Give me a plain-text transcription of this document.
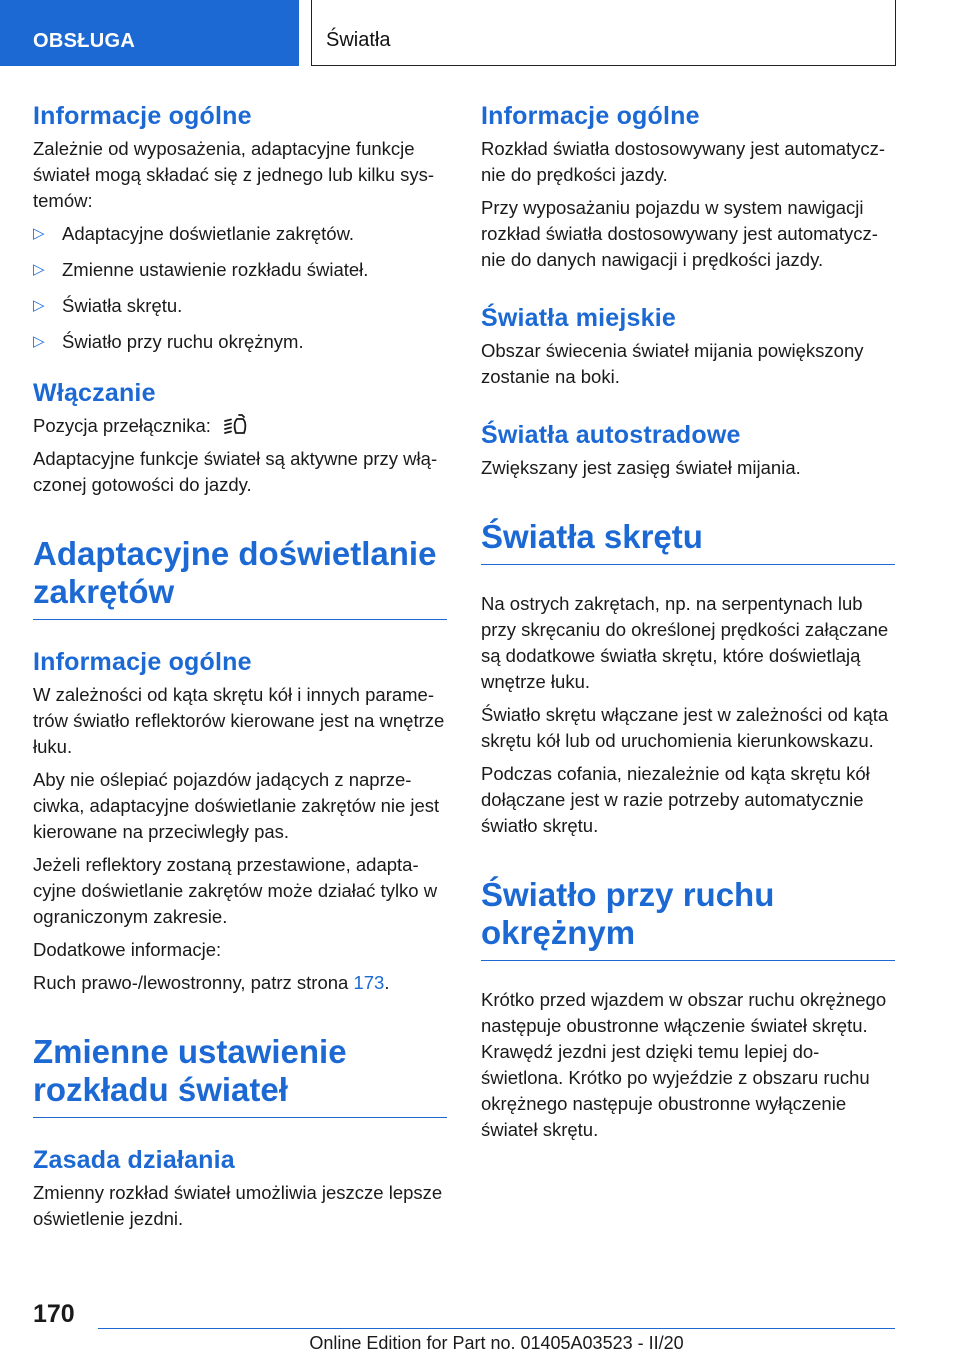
OBSŁUGA	Światła
Informacje ogólne

Zależnie od wyposażenia, adaptacyjne funkcje świateł mogą składać się z jednego lub kilku systemów:

▷ Adaptacyjne doświetlanie zakrętów.
▷ Zmienne ustawienie rozkładu świateł.
▷ Światła skrętu.
▷ Światło przy ruchu okrężnym.
Włączanie

Pozycja przełącznika:

Adaptacyjne funkcje świateł są aktywne przy włączonej gotowości do jazdy.

Adaptacyjne doświetlanie zakrętów
Informacje ogólne

W zależności od kąta skrętu kół i innych parametrów światło reflektorów kierowane jest na wnętrze łuku.

Aby nie oślepiać pojazdów jadących z naprzeciwka, adaptacyjne doświetlanie zakrętów nie jest kierowane na przeciwległy pas.

Jeżeli reflektory zostaną przestawione, adaptacyjne doświetlanie zakrętów może działać tylko w ograniczonym zakresie.

Dodatkowe informacje:

Ruch prawo-/lewostronny, patrz strona 173.

Zmienne ustawienie rozkładu świateł
Zasada działania

Zmienny rozkład świateł umożliwia jeszcze lepsze oświetlenie jezdni.

Informacje ogólne

Rozkład światła dostosowywany jest automatycznie do prędkości jazdy.

Przy wyposażaniu pojazdu w system nawigacji rozkład światła dostosowywany jest automatycznie do danych nawigacji i prędkości jazdy.

Światła miejskie

Obszar świecenia świateł mijania powiększony zostanie na boki.

Światła autostradowe

Zwiększany jest zasięg świateł mijania.

Światła skrętu

Na ostrych zakrętach, np. na serpentynach lub przy skręcaniu do określonej prędkości załączane są dodatkowe światła skrętu, które doświetlają wnętrze łuku.

Światło skrętu włączane jest w zależności od kąta skrętu kół lub od uruchomienia kierunkowskazu.

Podczas cofania, niezależnie od kąta skrętu kół dołączane jest w razie potrzeby automatycznie światło skrętu.

Światło przy ruchu okrężnym

Krótko przed wjazdem w obszar ruchu okrężnego następuje obustronne włączenie świateł skrętu. Krawędź jezdni jest dzięki temu lepiej doświetlona. Krótko po wyjeździe z obszaru ruchu okrężnego następuje obustronne wyłączenie świateł skrętu.

170
Online Edition for Part no. 01405A03523 - II/20
